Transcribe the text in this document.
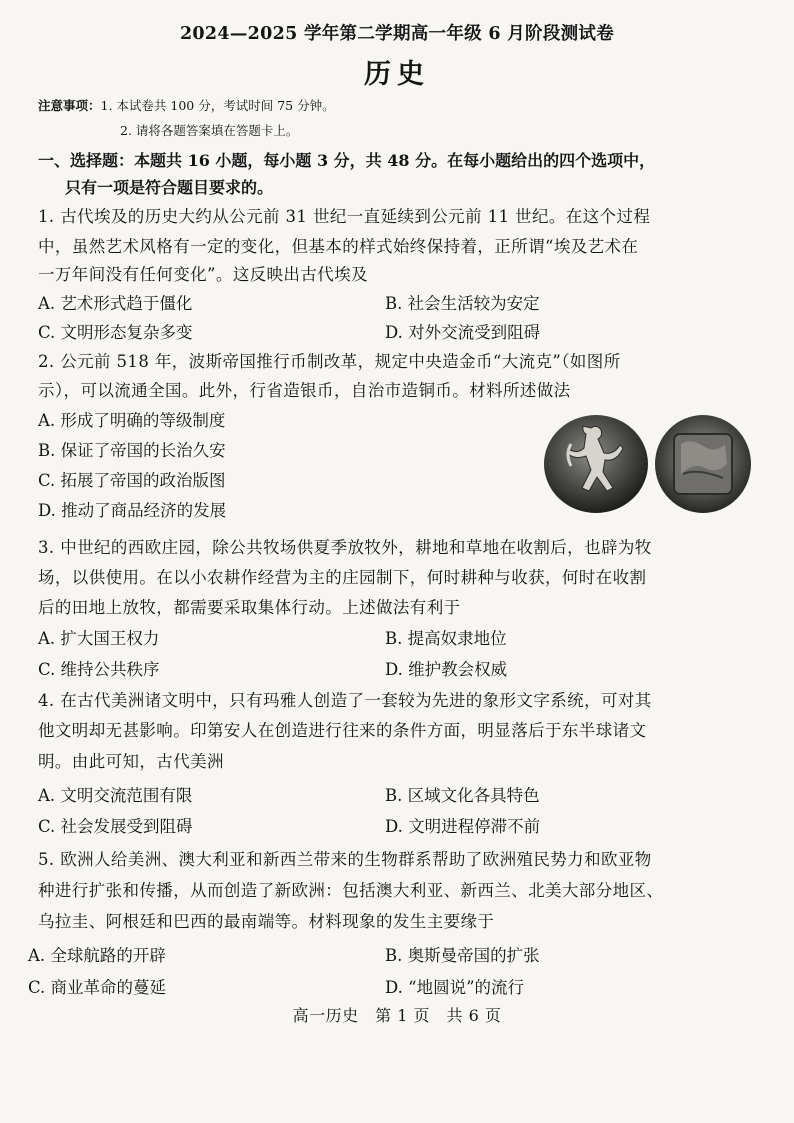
2024—2025 学年第二学期高一年级 6 月阶段测试卷
历史
注意事项：1. 本试卷共 100 分，考试时间 75 分钟。
2. 请将各题答案填在答题卡上。
一、选择题：本题共 16 小题，每小题 3 分，共 48 分。在每小题给出的四个选项中，
只有一项是符合题目要求的。
1. 古代埃及的历史大约从公元前 31 世纪一直延续到公元前 11 世纪。在这个过程
中，虽然艺术风格有一定的变化，但基本的样式始终保持着，正所谓“埃及艺术在
一万年间没有任何变化”。这反映出古代埃及
A. 艺术形式趋于僵化	B. 社会生活较为安定
C. 文明形态复杂多变	D. 对外交流受到阻碍
2. 公元前 518 年，波斯帝国推行币制改革，规定中央造金币“大流克”（如图所
示），可以流通全国。此外，行省造银币，自治市造铜币。材料所述做法
A. 形成了明确的等级制度
B. 保证了帝国的长治久安
C. 拓展了帝国的政治版图
D. 推动了商品经济的发展
3. 中世纪的西欧庄园，除公共牧场供夏季放牧外，耕地和草地在收割后，也辟为牧
场，以供使用。在以小农耕作经营为主的庄园制下，何时耕种与收获，何时在收割
后的田地上放牧，都需要采取集体行动。上述做法有利于
A. 扩大国王权力	B. 提高奴隶地位
C. 维持公共秩序	D. 维护教会权威
4. 在古代美洲诸文明中，只有玛雅人创造了一套较为先进的象形文字系统，可对其
他文明却无甚影响。印第安人在创造进行往来的条件方面，明显落后于东半球诸文
明。由此可知，古代美洲
A. 文明交流范围有限	B. 区域文化各具特色
C. 社会发展受到阻碍	D. 文明进程停滞不前
5. 欧洲人给美洲、澳大利亚和新西兰带来的生物群系帮助了欧洲殖民势力和欧亚物
种进行扩张和传播，从而创造了新欧洲：包括澳大利亚、新西兰、北美大部分地区、
乌拉圭、阿根廷和巴西的最南端等。材料现象的发生主要缘于
A. 全球航路的开辟	B. 奥斯曼帝国的扩张
C. 商业革命的蔓延	D. “地圆说”的流行
高一历史　第 1 页　共 6 页
